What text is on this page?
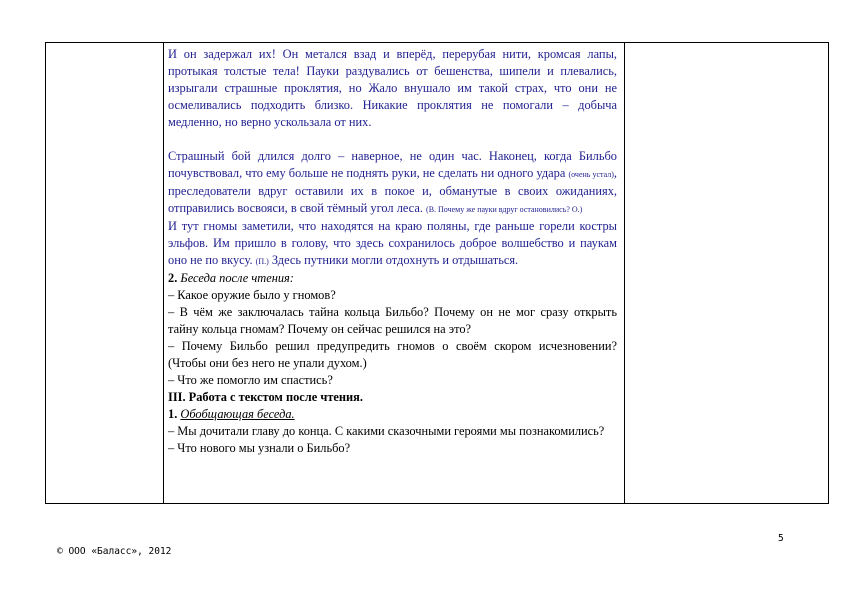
И он задержал их! Он метался взад и вперёд, перерубая нити, кромсая лапы, протыкая толстые тела! Пауки раздувались от бешенства, шипели и плевались, изрыгали страшные проклятия, но Жало внушало им такой страх, что они не осмеливались подходить близко. Никакие проклятия не помогали – добыча медленно, но верно ускользала от них.

Страшный бой длился долго – наверное, не один час. Наконец, когда Бильбо почувствовал, что ему больше не поднять руки, не сделать ни одного удара (очень устал), преследователи вдруг оставили их в покое и, обманутые в своих ожиданиях, отправились восвояси, в свой тёмный угол леса. (В. Почему же пауки вдруг остановились? О.)

И тут гномы заметили, что находятся на краю поляны, где раньше горели костры эльфов. Им пришло в голову, что здесь сохранилось доброе волшебство и паукам оно не по вкусу. (П.) Здесь путники могли отдохнуть и отдышаться.

2. Беседа после чтения:

– Какое оружие было у гномов?

– В чём же заключалась тайна кольца Бильбо? Почему он не мог сразу открыть тайну кольца гномам? Почему он сейчас решился на это?

– Почему Бильбо решил предупредить гномов о своём скором исчезновении? (Чтобы они без него не упали духом.)

– Что же помогло им спастись?

III. Работа с текстом после чтения.

1. Обобщающая беседа.

– Мы дочитали главу до конца. С какими сказочными героями мы познакомились?

– Что нового мы узнали о Бильбо?

5
© ООО «Баласс», 2012
